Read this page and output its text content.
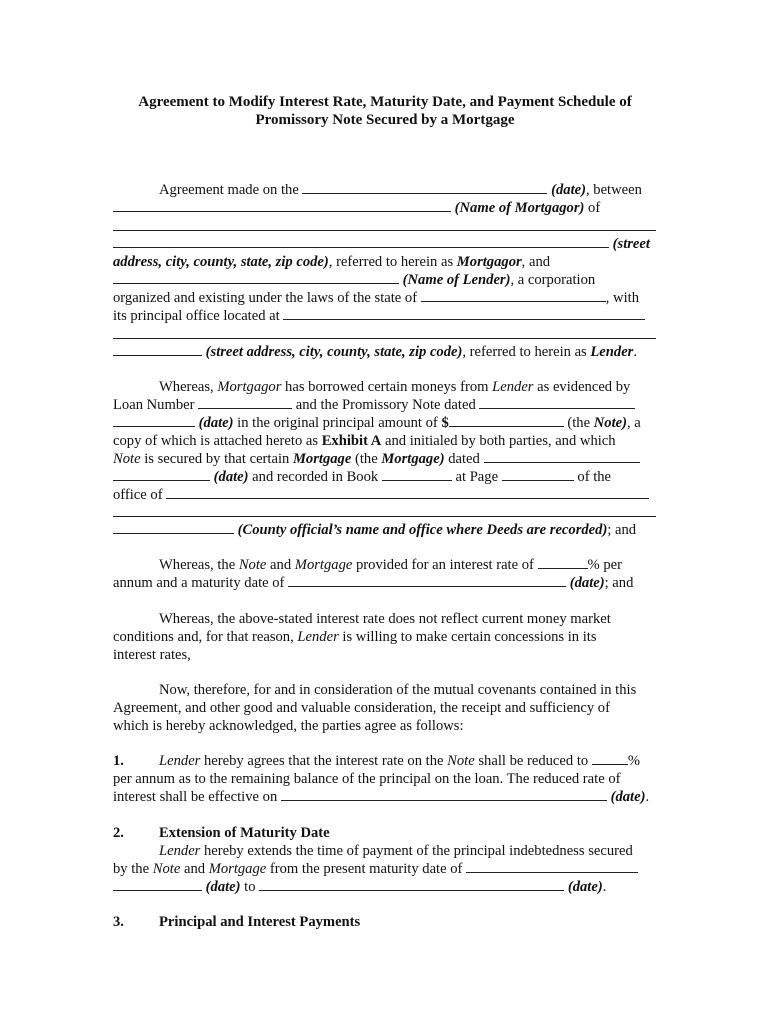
Agreement to Modify Interest Rate, Maturity Date, and Payment Schedule of
Promissory Note Secured by a Mortgage
Agreement made on the	(date), between
(Name of Mortgagor) of
(street
address, city, county, state, zip code), referred to herein as Mortgagor, and
(Name of Lender), a corporation
organized and existing under the laws of the state of	, with
its principal office located at
(street address, city, county, state, zip code), referred to herein as Lender.
Whereas, Mortgagor has borrowed certain moneys from Lender as evidenced by
Loan Number	and the Promissory Note dated
(date) in the original principal amount of $	(the Note), a
copy of which is attached hereto as Exhibit A and initialed by both parties, and which
Note is secured by that certain Mortgage (the Mortgage) dated
(date) and recorded in Book	at Page	of the
office of
(County official’s name and office where Deeds are recorded); and
Whereas, the Note and Mortgage provided for an interest rate of	% per
annum and a maturity date of	(date); and
Whereas, the above-stated interest rate does not reflect current money market
conditions and, for that reason, Lender is willing to make certain concessions in its
interest rates,
Now, therefore, for and in consideration of the mutual covenants contained in this
Agreement, and other good and valuable consideration, the receipt and sufficiency of
which is hereby acknowledged, the parties agree as follows:
1. Lender hereby agrees that the interest rate on the Note shall be reduced to	%
per annum as to the remaining balance of the principal on the loan. The reduced rate of
interest shall be effective on	(date).
2. Extension of Maturity Date
Lender hereby extends the time of payment of the principal indebtedness secured
by the Note and Mortgage from the present maturity date of
(date) to	(date).
3. Principal and Interest Payments
